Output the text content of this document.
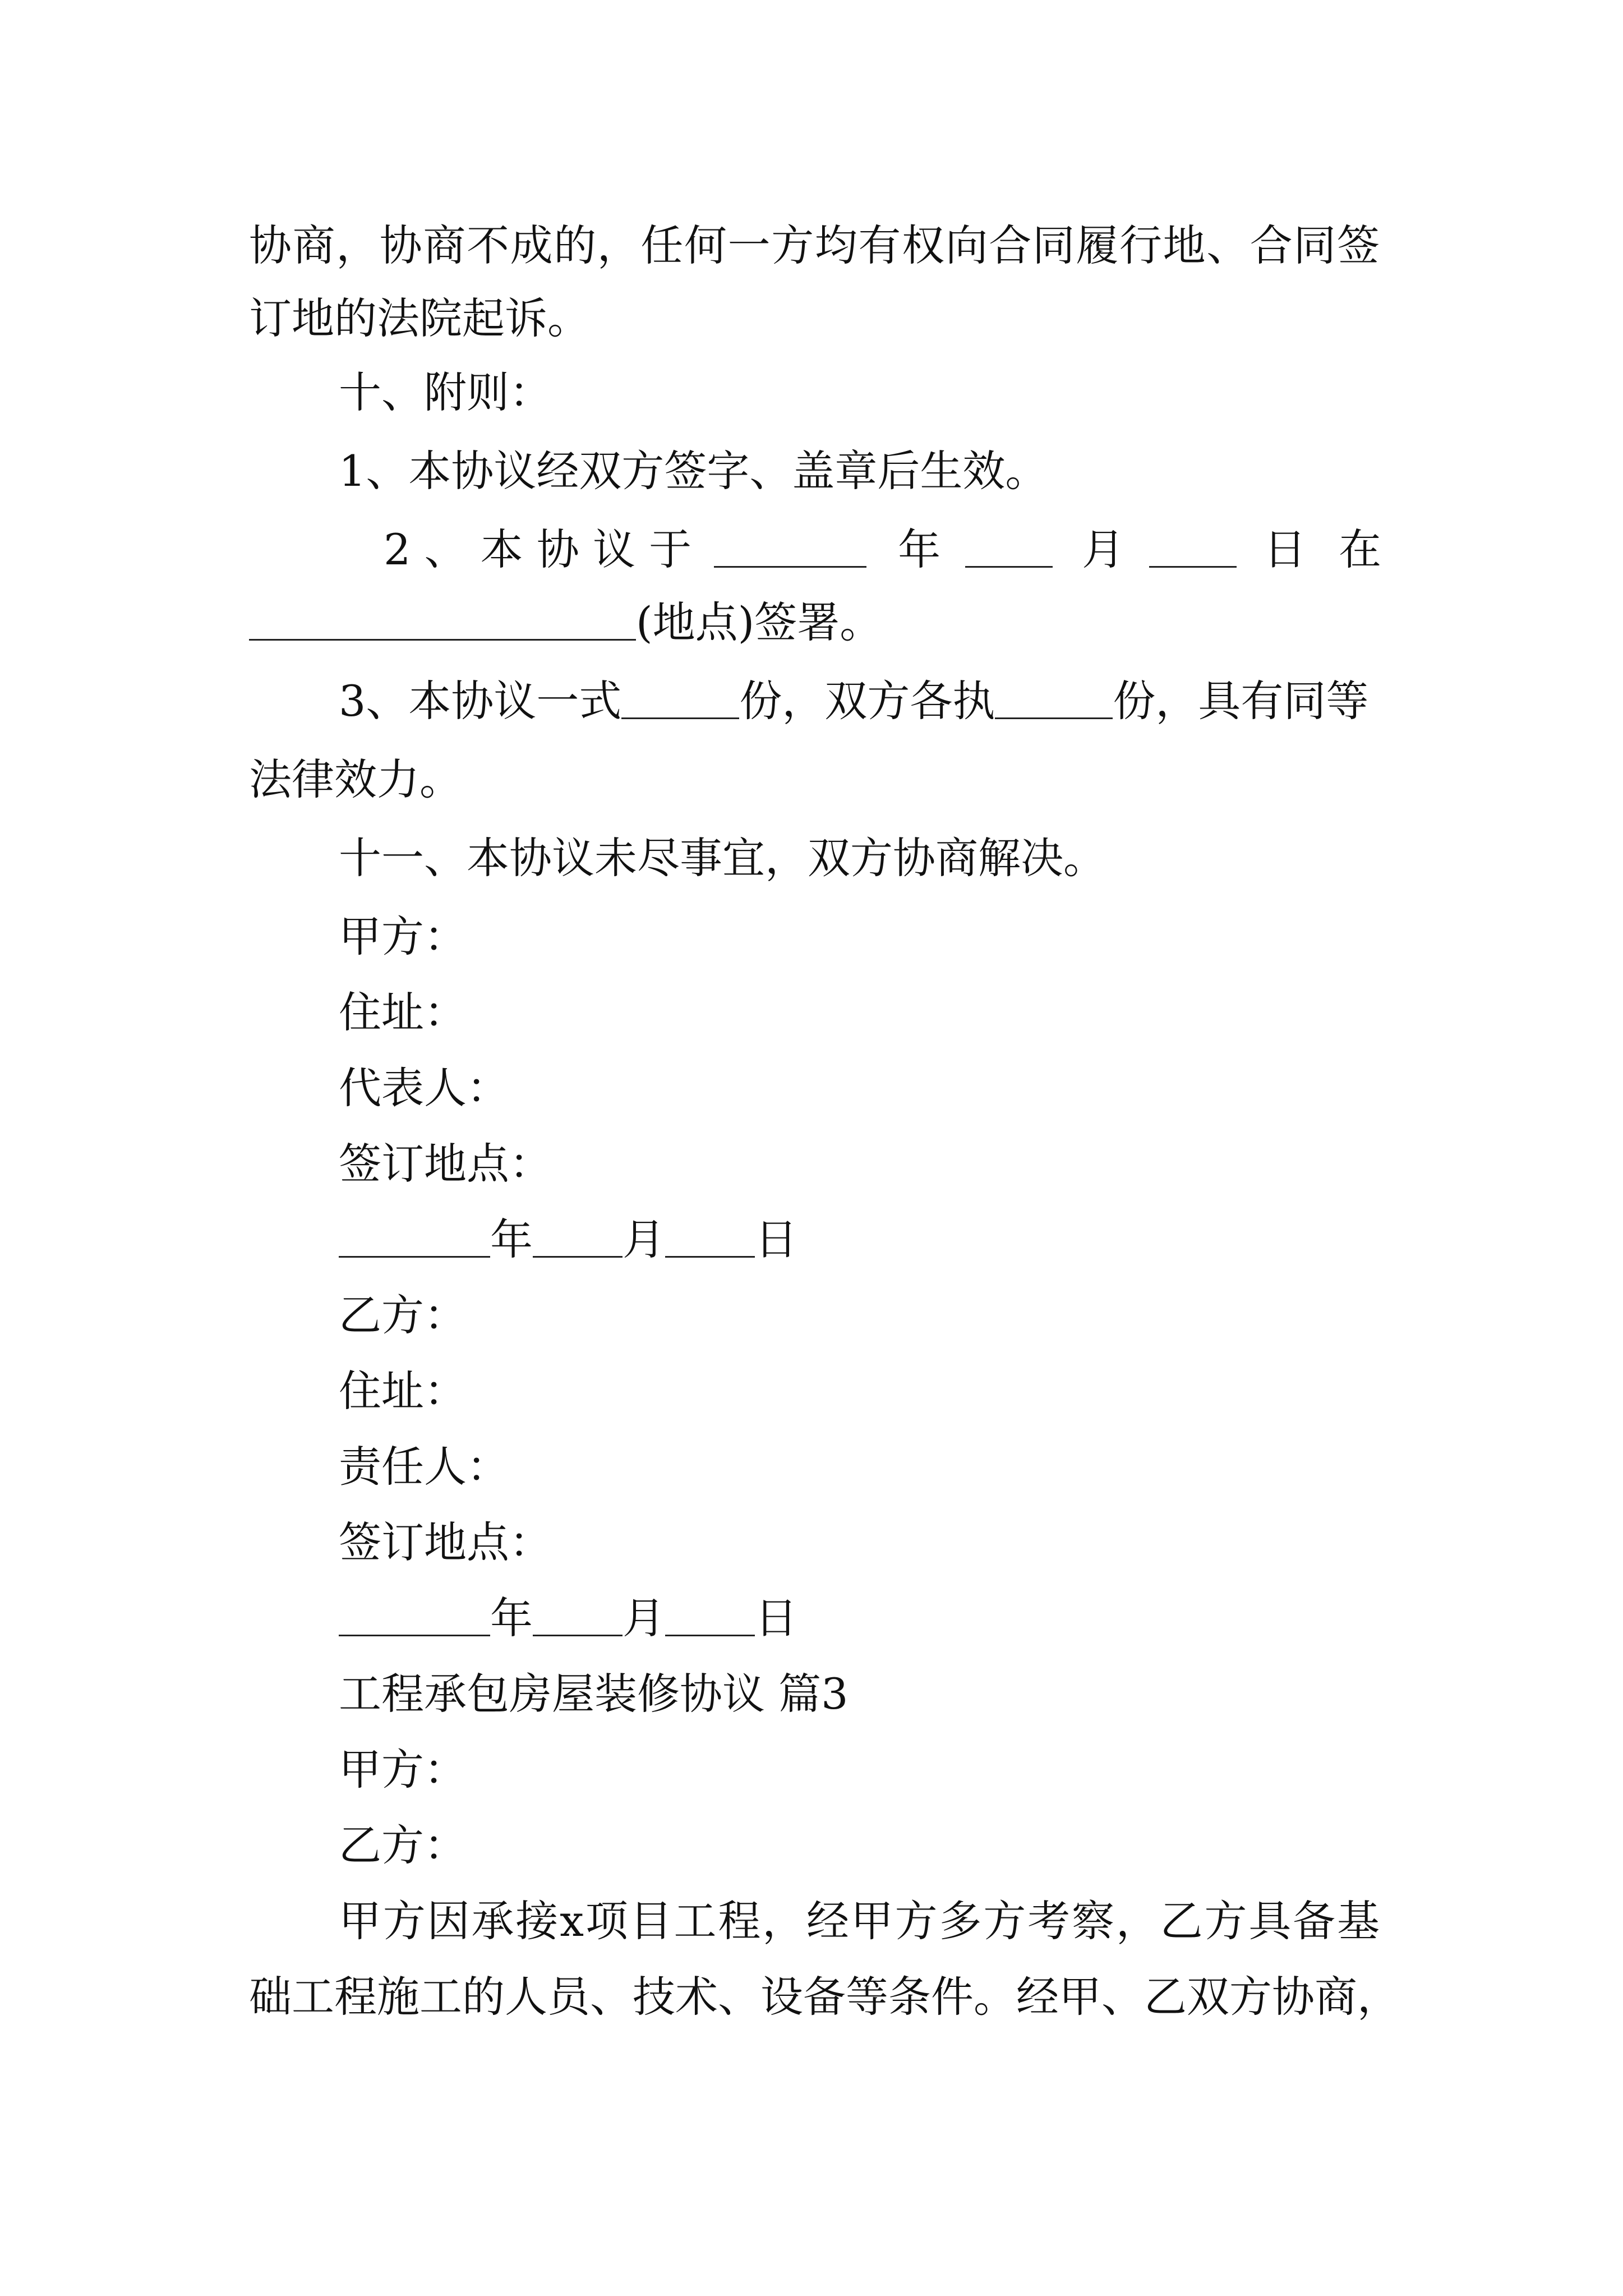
协商，协商不成的，任何一方均有权向合同履行地、合同签
订地的法院起诉。
十、附则：
1、本协议经双方签字、盖章后生效。
2 、 本 协 议 于	年	月	日 在
(地点)签署。
3、本协议一式	份，双方各执	份，具有同等
法律效力。
十一、本协议未尽事宜，双方协商解决。
甲方：
住址：
代表人：
签订地点：
年 月 日
乙方：
住址：
责任人：
签订地点：
年 月 日
工程承包房屋装修协议 篇3
甲方：
乙方：
甲方因承接x项目工程，经甲方多方考察，乙方具备基
础工程施工的人员、技术、设备等条件。经甲、乙双方协商，
